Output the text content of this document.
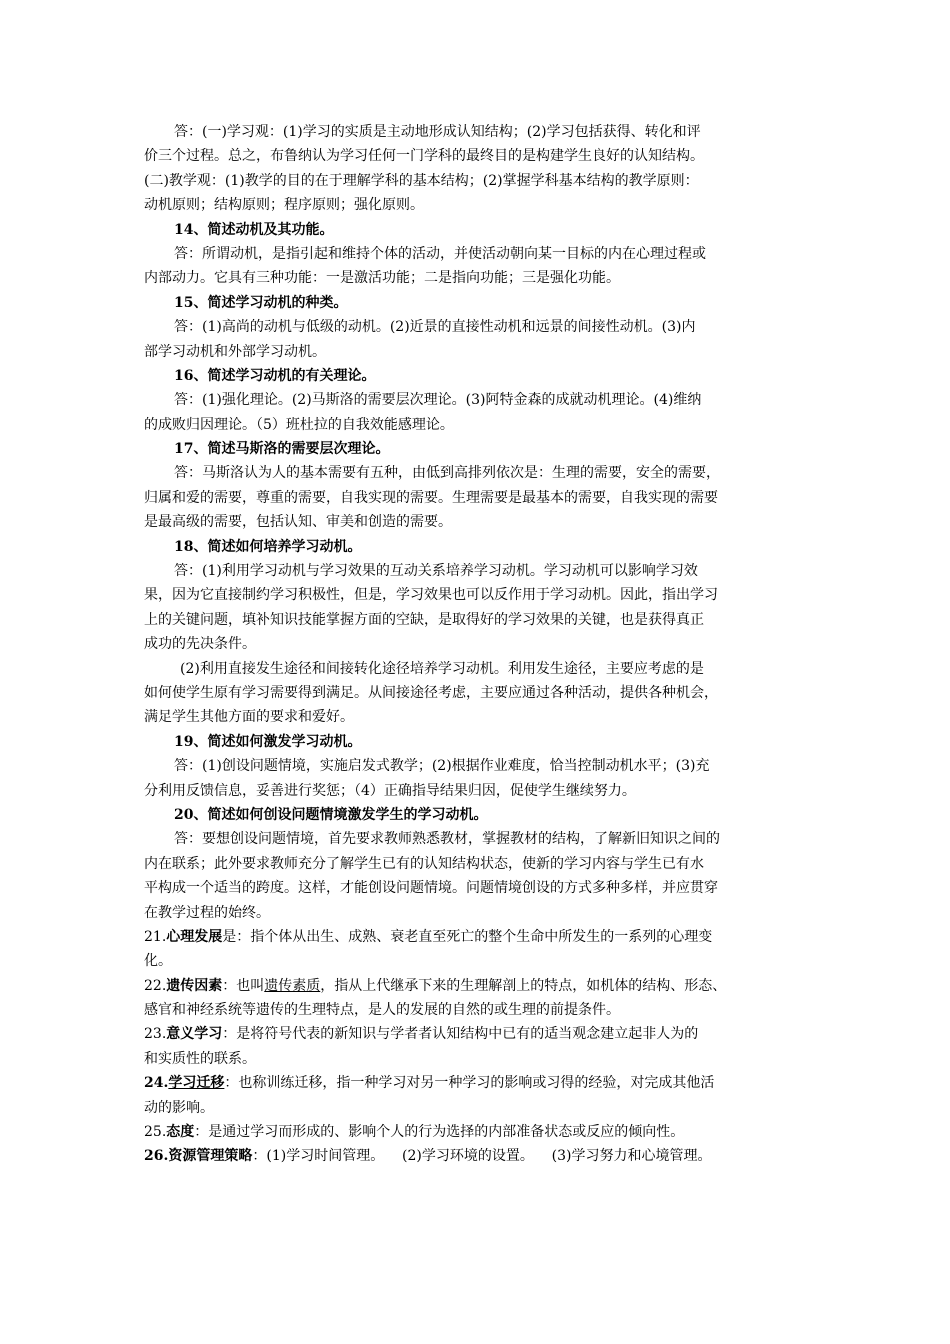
答：(一)学习观：(1)学习的实质是主动地形成认知结构；(2)学习包括获得、转化和评
价三个过程。总之，布鲁纳认为学习任何一门学科的最终目的是构建学生良好的认知结构。
(二)教学观：(1)教学的目的在于理解学科的基本结构；(2)掌握学科基本结构的教学原则：
动机原则；结构原则；程序原则；强化原则。
14、简述动机及其功能。
答：所谓动机，是指引起和维持个体的活动，并使活动朝向某一目标的内在心理过程或
内部动力。它具有三种功能：一是激活功能；二是指向功能；三是强化功能。
15、简述学习动机的种类。
答：(1)高尚的动机与低级的动机。(2)近景的直接性动机和远景的间接性动机。(3)内
部学习动机和外部学习动机。
16、简述学习动机的有关理论。
答：(1)强化理论。(2)马斯洛的需要层次理论。(3)阿特金森的成就动机理论。(4)维纳
的成败归因理论。（5）班杜拉的自我效能感理论。
17、简述马斯洛的需要层次理论。
答：马斯洛认为人的基本需要有五种，由低到高排列依次是：生理的需要，安全的需要，
归属和爱的需要，尊重的需要，自我实现的需要。生理需要是最基本的需要，自我实现的需要
是最高级的需要，包括认知、审美和创造的需要。
18、简述如何培养学习动机。
答：(1)利用学习动机与学习效果的互动关系培养学习动机。学习动机可以影响学习效
果，因为它直接制约学习积极性，但是，学习效果也可以反作用于学习动机。因此，指出学习
上的关键问题，填补知识技能掌握方面的空缺，是取得好的学习效果的关键，也是获得真正
成功的先决条件。
(2)利用直接发生途径和间接转化途径培养学习动机。利用发生途径，主要应考虑的是
如何使学生原有学习需要得到满足。从间接途径考虑，主要应通过各种活动，提供各种机会，
满足学生其他方面的要求和爱好。
19、简述如何激发学习动机。
答：(1)创设问题情境，实施启发式教学；(2)根据作业难度，恰当控制动机水平；(3)充
分利用反馈信息，妥善进行奖惩；（4）正确指导结果归因，促使学生继续努力。
20、简述如何创设问题情境激发学生的学习动机。
答：要想创设问题情境，首先要求教师熟悉教材，掌握教材的结构，了解新旧知识之间的
内在联系；此外要求教师充分了解学生已有的认知结构状态，使新的学习内容与学生已有水
平构成一个适当的跨度。这样，才能创设问题情境。问题情境创设的方式多种多样，并应贯穿
在教学过程的始终。
21.心理发展是：指个体从出生、成熟、衰老直至死亡的整个生命中所发生的一系列的心理变
化。
22.遗传因素：也叫遗传素质，指从上代继承下来的生理解剖上的特点，如机体的结构、形态、
感官和神经系统等遗传的生理特点，是人的发展的自然的或生理的前提条件。
23.意义学习：是将符号代表的新知识与学者者认知结构中已有的适当观念建立起非人为的
和实质性的联系。
24.学习迁移：也称训练迁移，指一种学习对另一种学习的影响或习得的经验，对完成其他活
动的影响。
25.态度：是通过学习而形成的、影响个人的行为选择的内部准备状态或反应的倾向性。
26.资源管理策略：(1)学习时间管理。    (2)学习环境的设置。    (3)学习努力和心境管理。
